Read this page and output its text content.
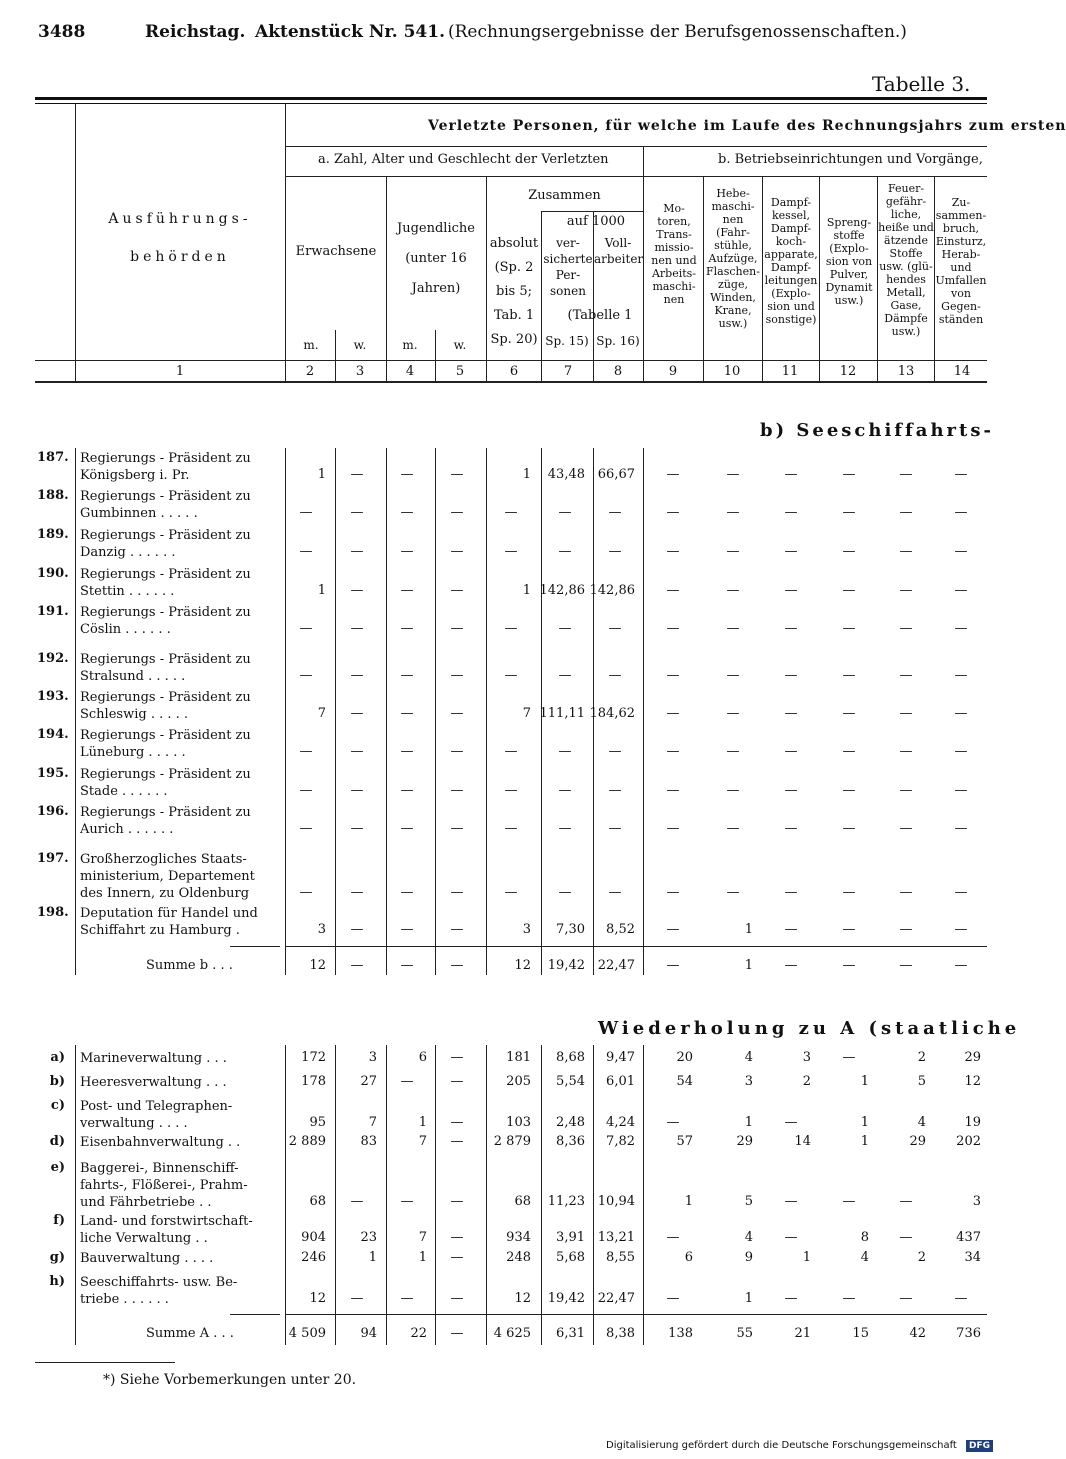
3488	Reichstag. Aktenstück Nr. 541. (Rechnungsergebnisse der Berufsgenossenschaften.)
Tabelle 3.
Ausführungs- behörden
Verletzte Personen, für welche im Laufe des Rechnungsjahrs zum ersten
a. Zahl, Alter und Geschlecht der Verletzten	b. Betriebseinrichtungen und Vorgänge,
Erwachsene
Jugendliche (unter 16 Jahren)
Zusammen
absolut (Sp. 2 bis 5; Tab. 1 Sp. 20)
auf 1000
ver- sicherte Per- sonen
Voll- arbeiter
(Tabelle 1
Sp. 15) Sp. 16)
m.	w.	m.	w.
Mo- toren, Trans- missio- nen und Arbeits- maschi- nen
Hebe- maschi- nen (Fahr- stühle, Aufzüge, Flaschen- züge, Winden, Krane, usw.)
Dampf- kessel, Dampf- koch- apparate, Dampf- leitungen (Explo- sion und sonstige)
Spreng- stoffe (Explo- sion von Pulver, Dynamit usw.)
Feuer- gefähr- liche, heiße und ätzende Stoffe usw. (glü- hendes Metall, Gase, Dämpfe usw.)
Zu- sammen- bruch, Einsturz, Herab- und Umfallen von Gegen- ständen
1	2	3	4	5	6	7	8	9	10	11	12	13	14
b) Seeschiffahrts-
Wiederholung zu A (staatliche
*) Siehe Vorbemerkungen unter 20.
Digitalisierung gefördert durch die Deutsche Forschungsgemeinschaft DFG
187. Regierungs - Präsident zu
Königsberg i. Pr.	1	—	—	—	1	43,48 66,67	—	—	—	—	—	—
188. Regierungs - Präsident zu
Gumbinnen . . . . .	—	—	—	—	—	—	—	—	—	—	—	—	—
189. Regierungs - Präsident zu
Danzig . . . . . .	—	—	—	—	—	—	—	—	—	—	—	—	—
190. Regierungs - Präsident zu
Stettin . . . . . .	1	—	—	—	1 142,86 142,86	—	—	—	—	—	—
191. Regierungs - Präsident zu
Cöslin . . . . . .	—	—	—	—	—	—	—	—	—	—	—	—	—
192. Regierungs - Präsident zu
Stralsund . . . . .	—	—	—	—	—	—	—	—	—	—	—	—	—
193. Regierungs - Präsident zu
Schleswig . . . . .	7	—	—	—	7 111,11 184,62	—	—	—	—	—	—
194. Regierungs - Präsident zu
Lüneburg . . . . .	—	—	—	—	—	—	—	—	—	—	—	—	—
195. Regierungs - Präsident zu
Stade . . . . . .	—	—	—	—	—	—	—	—	—	—	—	—	—
196. Regierungs - Präsident zu
Aurich . . . . . .	—	—	—	—	—	—	—	—	—	—	—	—	—
197. Großherzogliches Staats-
ministerium, Departement
des Innern, zu Oldenburg	—	—	—	—	—	—	—	—	—	—	—	—	—
198. Deputation für Handel und
Schiffahrt zu Hamburg .	3	—	—	—	3	7,30	8,52	—	1	—	—	—	—
Summe b . . .	12	—	—	—	12	19,42 22,47	—	1	—	—	—	—
a) Marineverwaltung . . .	172	3	6	—	181	8,68	9,47	20	4	3	—	2	29
b) Heeresverwaltung . . .	178	27	—	—	205	5,54	6,01	54	3	2	1	5	12
c) Post- und Telegraphen-
verwaltung . . . .	95	7	1	—	103	2,48	4,24	—	1	—	1	4	19
d) Eisenbahnverwaltung . .	2 889	83	7	—	2 879	8,36	7,82	57	29	14	1	29	202
e) Baggerei-, Binnenschiff-
fahrts-, Flößerei-, Prahm-
und Fährbetriebe . .	68	—	—	—	68	11,23 10,94	1	5	—	—	—	3
f) Land- und forstwirtschaft-
liche Verwaltung . .	904	23	7	—	934	3,91 13,21	—	4	—	8	—	437
g) Bauverwaltung . . . .	246	1	1	—	248	5,68	8,55	6	9	1	4	2	34
h) Seeschiffahrts- usw. Be-
triebe . . . . . .	12	—	—	—	12	19,42 22,47	—	1	—	—	—	—
Summe A . . .	4 509	94	22	—	4 625	6,31	8,38	138	55	21	15	42	736
